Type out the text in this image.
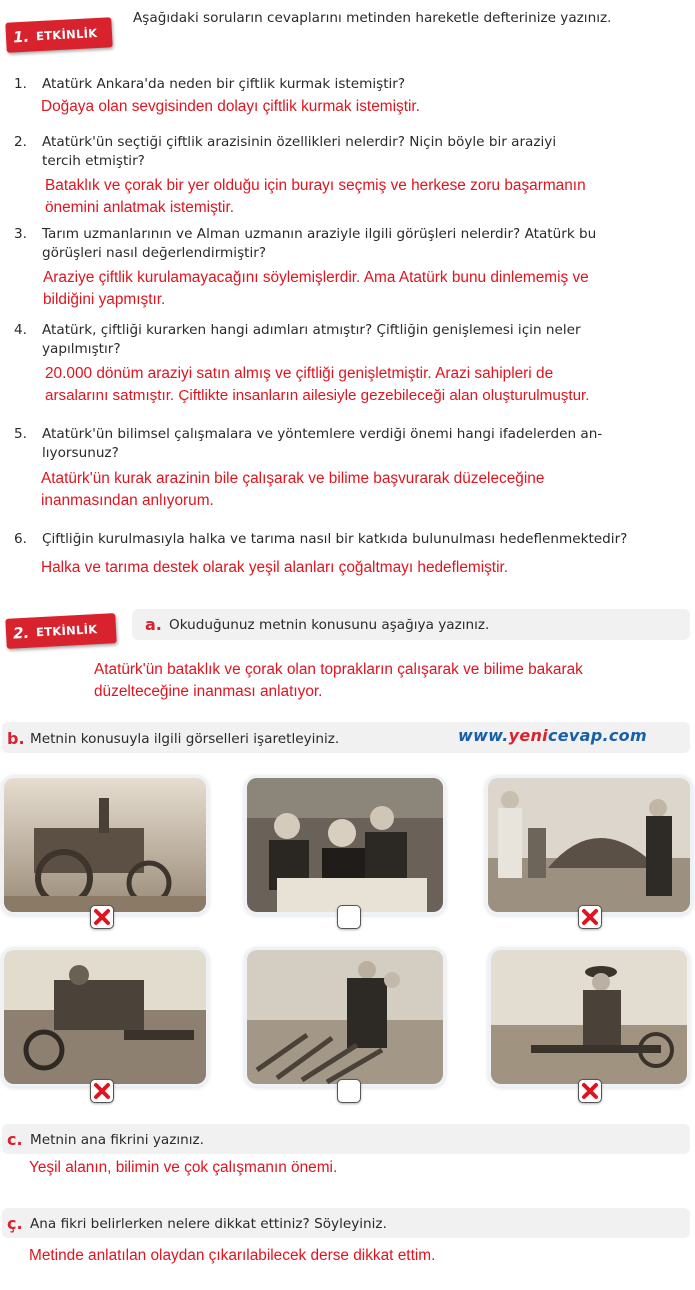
1. ETKİNLİK
Aşağıdaki soruların cevaplarını metinden hareketle defterinize yazınız.
1. Atatürk Ankara'da neden bir çiftlik kurmak istemiştir?
Doğaya olan sevgisinden dolayı çiftlik kurmak istemiştir.
2. Atatürk'ün seçtiği çiftlik arazisinin özellikleri nelerdir? Niçin böyle bir araziyi
tercih etmiştir?
Bataklık ve çorak bir yer olduğu için burayı seçmiş ve herkese zoru başarmanın
önemini anlatmak istemiştir.
3. Tarım uzmanlarının ve Alman uzmanın araziyle ilgili görüşleri nelerdir? Atatürk bu
görüşleri nasıl değerlendirmiştir?
Araziye çiftlik kurulamayacağını söylemişlerdir. Ama Atatürk bunu dinlememiş ve
bildiğini yapmıştır.
4. Atatürk, çiftliği kurarken hangi adımları atmıştır? Çiftliğin genişlemesi için neler
yapılmıştır?
20.000 dönüm araziyi satın almış ve çiftliği genişletmiştir. Arazi sahipleri de
arsalarını satmıştır. Çiftlikte insanların ailesiyle gezebileceği alan oluşturulmuştur.
5. Atatürk'ün bilimsel çalışmalara ve yöntemlere verdiği önemi hangi ifadelerden an-
lıyorsunuz?
Atatürk'ün kurak arazinin bile çalışarak ve bilime başvurarak düzeleceğine
inanmasından anlıyorum.
6. Çiftliğin kurulmasıyla halka ve tarıma nasıl bir katkıda bulunulması hedeflenmektedir?
Halka ve tarıma destek olarak yeşil alanları çoğaltmayı hedeflemiştir.
2. ETKİNLİK	a. Okuduğunuz metnin konusunu aşağıya yazınız.
Atatürk'ün bataklık ve çorak olan toprakların çalışarak ve bilime bakarak
düzelteceğine inanması anlatıyor.
b. Metnin konusuyla ilgili görselleri işaretleyiniz.	www.yenicevap.com
c. Metnin ana fikrini yazınız.
Yeşil alanın, bilimin ve çok çalışmanın önemi.
ç. Ana fikri belirlerken nelere dikkat ettiniz? Söyleyiniz.
Metinde anlatılan olaydan çıkarılabilecek derse dikkat ettim.
